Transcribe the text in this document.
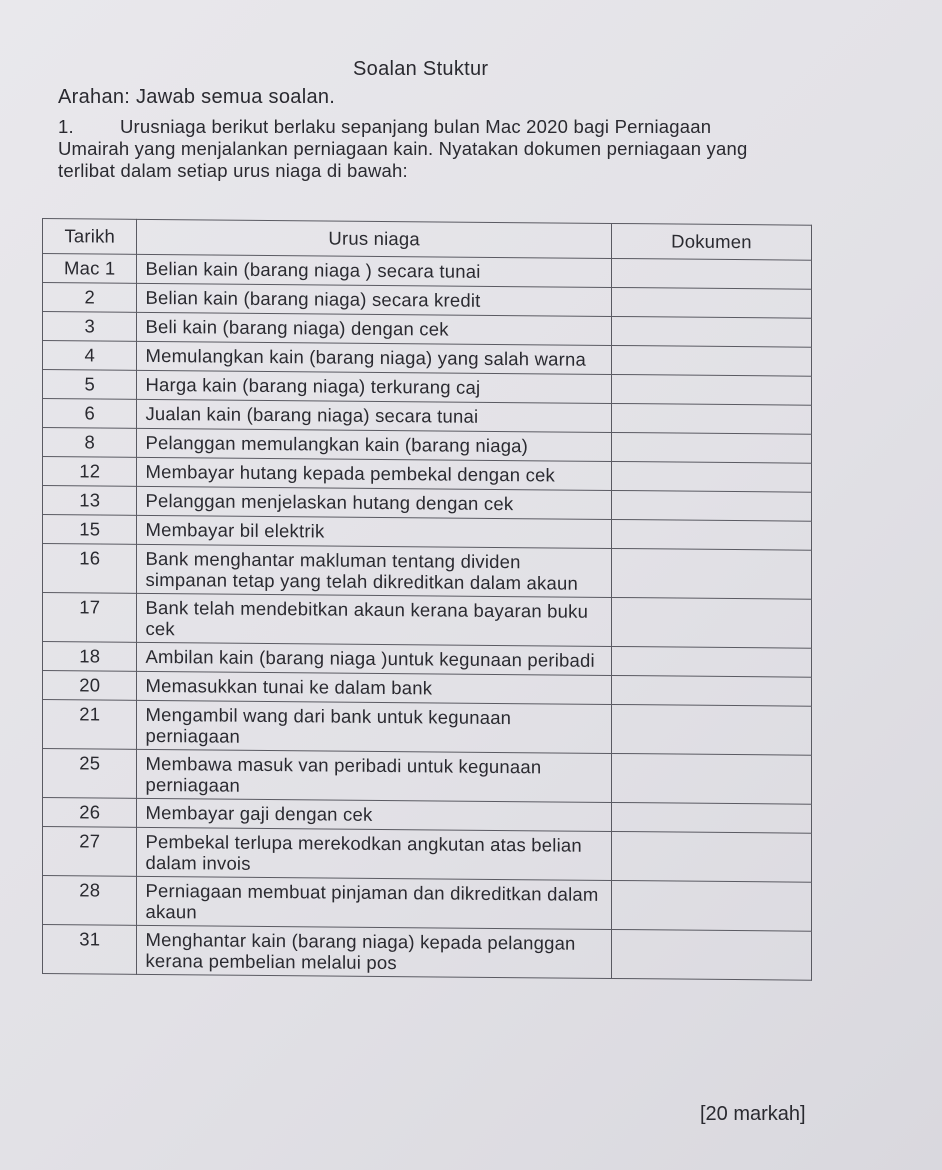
Soalan Stuktur
Arahan: Jawab semua soalan.
1. Urusniaga berikut berlaku sepanjang bulan Mac 2020 bagi Perniagaan Umairah yang menjalankan perniagaan kain. Nyatakan dokumen perniagaan yang terlibat dalam setiap urus niaga di bawah:
Tarikh	Urus niaga	Dokumen
Mac 1	Belian kain (barang niaga ) secara tunai	
2	Belian kain (barang niaga) secara kredit	
3	Beli kain (barang niaga) dengan cek	
4	Memulangkan kain (barang niaga) yang salah warna	
5	Harga kain (barang niaga) terkurang caj	
6	Jualan kain (barang niaga) secara tunai	
8	Pelanggan memulangkan kain (barang niaga)	
12	Membayar hutang kepada pembekal dengan cek	
13	Pelanggan menjelaskan hutang dengan cek	
15	Membayar bil elektrik	
16	Bank menghantar makluman tentang dividen simpanan tetap yang telah dikreditkan dalam akaun	
17	Bank telah mendebitkan akaun kerana bayaran buku cek	
18	Ambilan kain (barang niaga )untuk kegunaan peribadi	
20	Memasukkan tunai ke dalam bank	
21	Mengambil wang dari bank untuk kegunaan perniagaan	
25	Membawa masuk van peribadi untuk kegunaan perniagaan	
26	Membayar gaji dengan cek	
27	Pembekal terlupa merekodkan angkutan atas belian dalam invois	
28	Perniagaan membuat pinjaman dan dikreditkan dalam akaun	
31	Menghantar kain (barang niaga) kepada pelanggan kerana pembelian melalui pos	
[20 markah]
